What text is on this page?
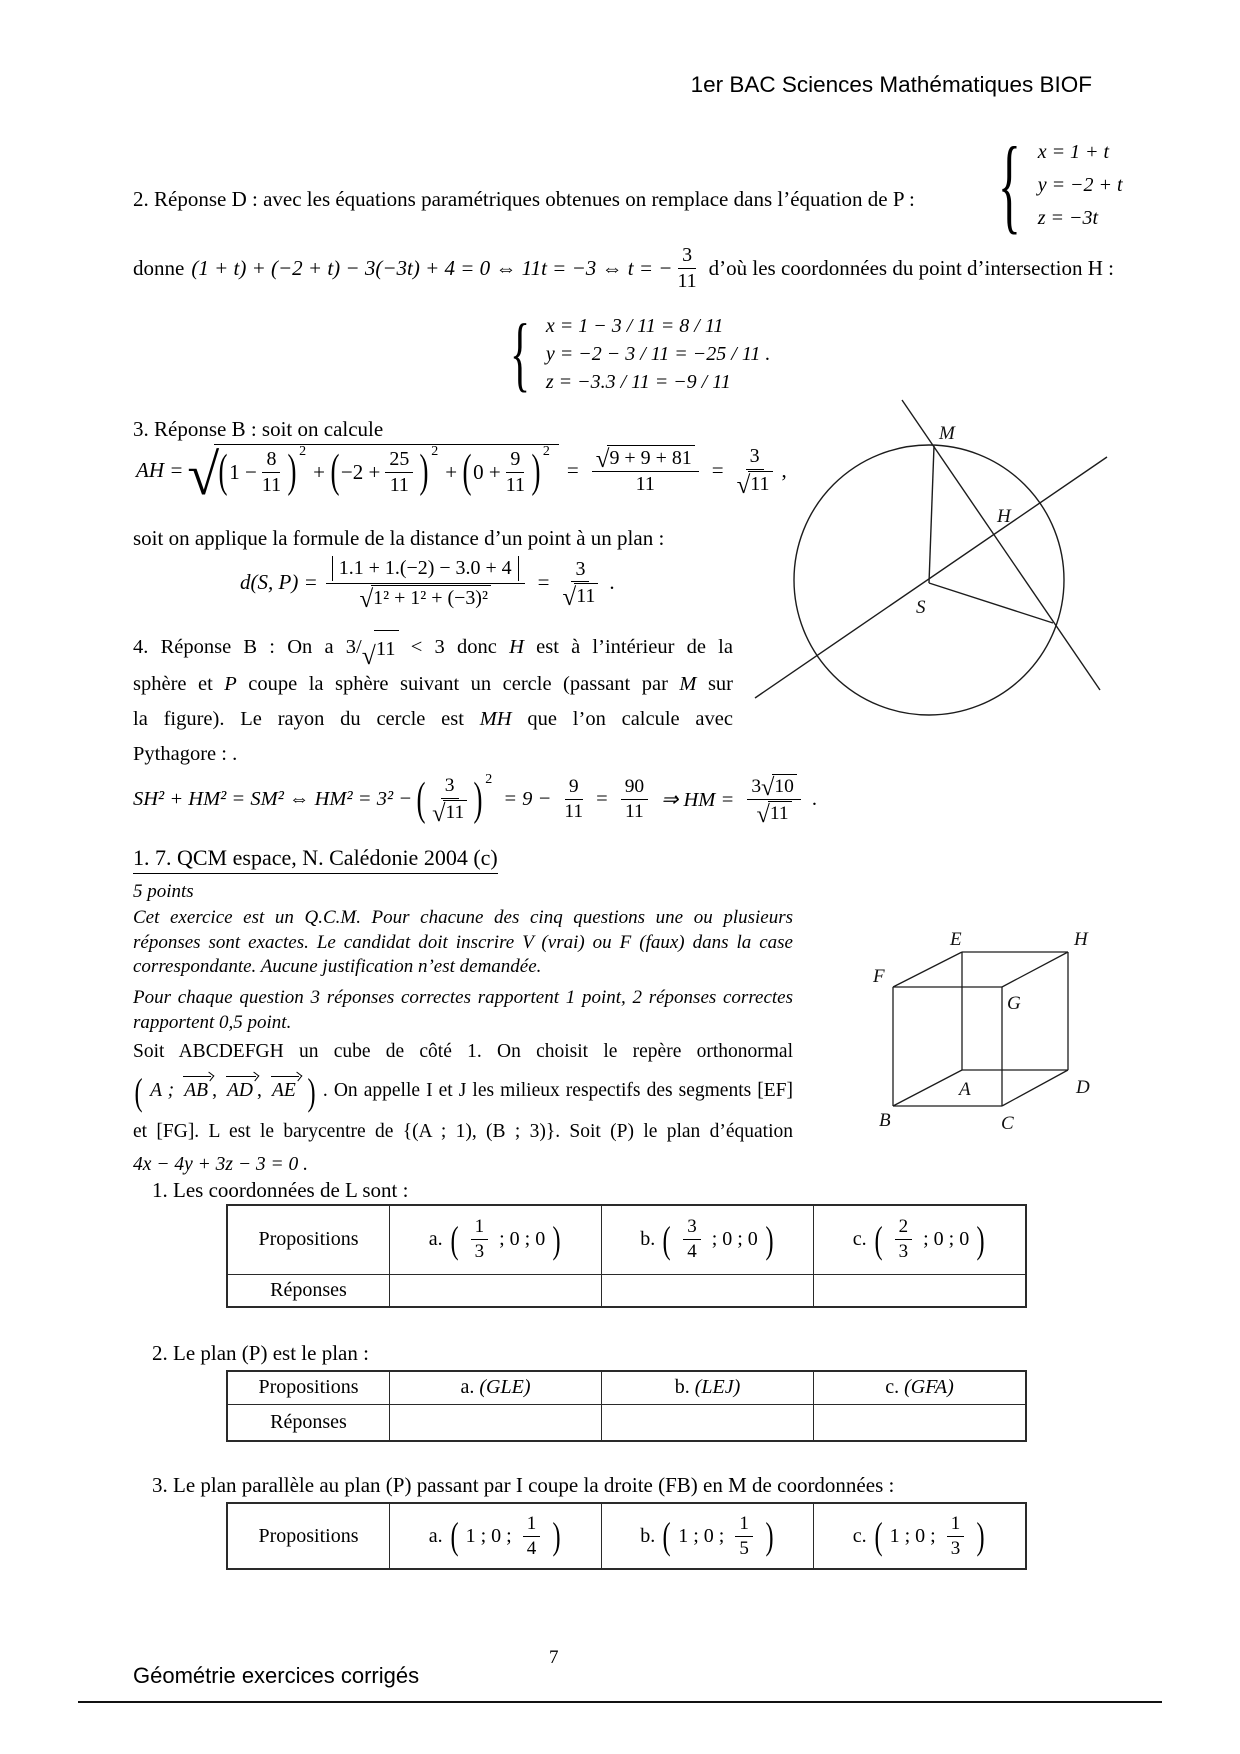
1er BAC Sciences Mathématiques BIOF
2. Réponse D : avec les équations paramétriques obtenues on remplace dans l’équation de P : { x = 1 + t
y = −2 + t
z = −3t
donne (1 + t) + (−2 + t) − 3(−3t) + 4 = 0 ⇔ 11t = −3 ⇔ t = − $\frac{3}{11}$ d’où les coordonnées du point d’intersection H :
{ x = 1 − 3 / 11 = 8 / 11
y = −2 − 3 / 11 = −25 / 11 .
z = −3.3 / 11 = −9 / 11
3. Réponse B : soit on calcule
AH = √ ( $1 - \frac{8}{11}$ ) 2
+ ( $-2 + \frac{25}{11}$ ) 2
+ ( $0 + \frac{9}{11}$ ) 2
= $\frac{√ 9 + 9 + 81}{11} = \frac{3}{√ 11}$ ,
soit on applique la formule de la distance d’un point à un plan :
d(S, $P) = \frac{1.1 + 1.(-2) - 3.0 + 4}{\text{√ 1² + 1² + (−3)²}} = \frac{3}{√ 11}$ .
4. Réponse B : On a 3/ √ 11 < 3 donc H est à l’intérieur de la
sphère et P coupe la sphère suivant un cercle (passant par M sur
la figure). Le rayon du cercle est MH que l’on calcule avec
Pythagore : .
SH² + HM² = SM² ⇔ HM² = 3² − ( $\frac{3}{√ 11}$ ) 2
= $9 - \frac{9}{11} = \frac{90}{11}$ ⇒ HM = $\frac{3 √ 10}{√ 11}$ .
M
H
S
1. 7. QCM espace, N. Calédonie 2004 (c)
5 points
Cet exercice est un Q.C.M. Pour chacune des cinq questions une ou plusieurs
réponses sont exactes. Le candidat doit inscrire V (vrai) ou F (faux) dans la case
correspondante. Aucune justification n’est demandée.
Pour chaque question 3 réponses correctes rapportent 1 point, 2 réponses correctes
rapportent 0,5 point.
Soit ABCDEFGH un cube de côté 1. On choisit le repère orthonormal
( A ; AB , AD , AE ) . On appelle I et J les milieux respectifs des segments [EF]
et [FG]. L est le barycentre de {(A ; 1), (B ; 3)}. Soit (P) le plan d’équation
4x − 4y + 3z − 3 = 0 .
E	H
F
G
A	D
B	C
1. Les coordonnées de L sont :
Propositions	a. ( $\frac{1}{3}$ ; 0 ; 0 )	b. ( $\frac{3}{4}$ ; 0 ; 0 )	c. ( $\frac{2}{3}$ ; 0 ; 0 )

Réponses			
2. Le plan (P) est le plan :
Propositions	a. (GLE)	b. (LEJ)	c. (GFA)
Réponses			
3. Le plan parallèle au plan (P) passant par I coupe la droite (FB) en M de coordonnées :
Propositions	a. ( 1 ; 0 ; $\frac{1}{4}$ )	b. ( 1 ; 0 ; $\frac{1}{5}$ )	c. ( 1 ; 0 ; $\frac{1}{3}$ )
7
Géométrie exercices corrigés
